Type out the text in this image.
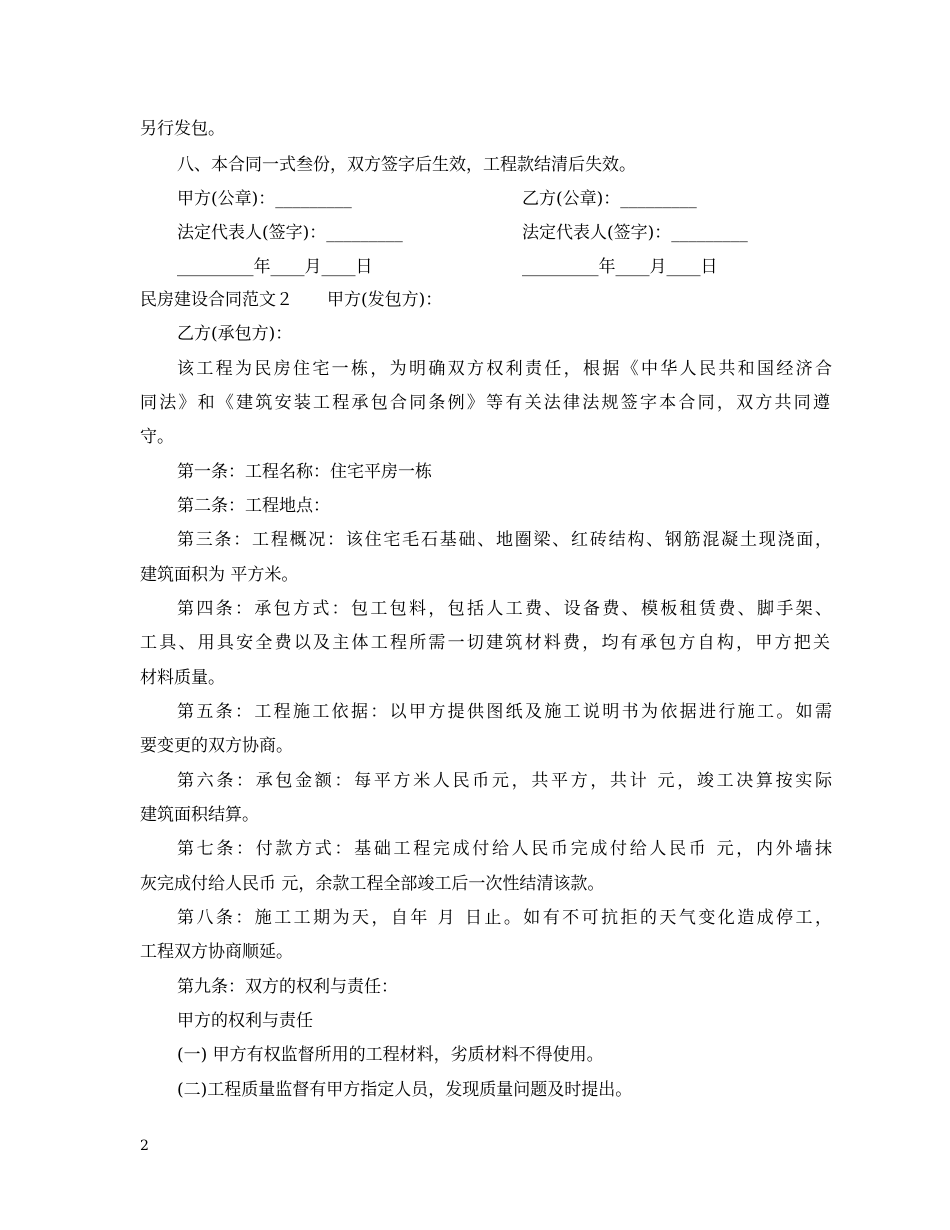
另行发包。
八、本合同一式叁份，双方签字后生效，工程款结清后失效。
甲方(公章)：_________	乙方(公章)：_________
法定代表人(签字)：_________	法定代表人(签字)：_________
_________年____月____日	_________年____月____日
民房建设合同范文２　　甲方(发包方)：
乙方(承包方)：
该工程为民房住宅一栋，为明确双方权利责任，根据《中华人民共和国经济合
同法》和《建筑安装工程承包合同条例》等有关法律法规签字本合同，双方共同遵
守。
第一条：工程名称：住宅平房一栋
第二条：工程地点：
第三条：工程概况：该住宅毛石基础、地圈梁、红砖结构、钢筋混凝土现浇面，
建筑面积为 平方米。
第四条：承包方式：包工包料，包括人工费、设备费、模板租赁费、脚手架、
工具、用具安全费以及主体工程所需一切建筑材料费，均有承包方自构，甲方把关
材料质量。
第五条：工程施工依据：以甲方提供图纸及施工说明书为依据进行施工。如需
要变更的双方协商。
第六条：承包金额：每平方米人民币元，共平方，共计 元，竣工决算按实际
建筑面积结算。
第七条：付款方式：基础工程完成付给人民币完成付给人民币 元，内外墙抹
灰完成付给人民币 元，余款工程全部竣工后一次性结清该款。
第八条：施工工期为天，自年 月 日止。如有不可抗拒的天气变化造成停工，
工程双方协商顺延。
第九条：双方的权利与责任：
甲方的权利与责任
(一) 甲方有权监督所用的工程材料，劣质材料不得使用。
(二)工程质量监督有甲方指定人员，发现质量问题及时提出。
2
